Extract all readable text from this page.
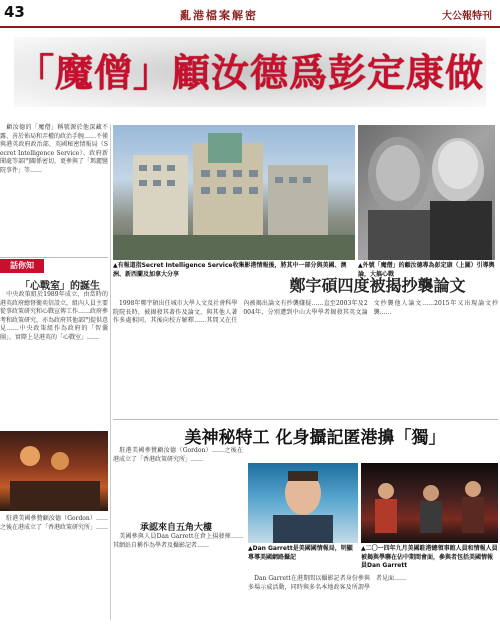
43	亂港檔案解密	大公報特刊
「魔僧」顧汝德爲彭定康做
　顧汝德的「魔僧」稱號源於他深藏不露、善於佈局和弄權的政治手腕……不僅與港英政府政治部、英國秘密情報局（Secret Intelligence Service）、政府新聞處等部門關係密切，更參與了「瑪麗醫院事件」等……
▲有報道指Secret Intelligence Service收集影港情報後，將其中一部分與美國、澳洲、新西蘭及加拿大分享
▲外號「魔僧」的顧汝德專為彭定康（上圖）引導輿論，大搞心戰
話你知
「心戰室」的誕生
　中央政策組於1989年成立，由當時的港英政府總督衛奕信設立，組內人員主要從事政策研究和心戰宣傳工作……政府參考和政策研究，亦為政府其他部門提供意見……中央政策組作為政府的「智囊團」，實際上是港英的「心戰室」……
鄭宇碩四度被揭抄襲論文
　1998年鄭宇碩出任城市大學人文及社會科學院院長時，被揭發其著作及論文，與其他人著作多處相同，其後向校方解釋……其間又在任內被揭出論文有抄襲嫌疑……直至2003年及2004年，分別遭到中山大學學者揭發其英文論文抄襲他人論文……2015年又出現論文抄襲……
美神秘特工 化身攝記匿港擤「獨」
　駐港美國參贊顧汝德（Gordon）……之後在港成立了「香港政策研究所」……
　駐港美國參贊顧汝德（Gordon）……之後在港成立了「香港政策研究所」……
承認來自五角大樓
　美國參與人員Dan Garrett在倉上揚發揮……其網站自稱作為學者及攝影記者……	▲Dan Garrett是美國國情報局，明顯專導美國網路攝記
▲二〇一四年九月美國駐港總領事館人員和情報人員被揭與學聯在佔中期間會面，參與者包括美國情報員Dan Garrett
　Dan Garrett在港期間以攝影記者身份參與多場示威活動，同時與多名本地政客及所謂學者見面……
